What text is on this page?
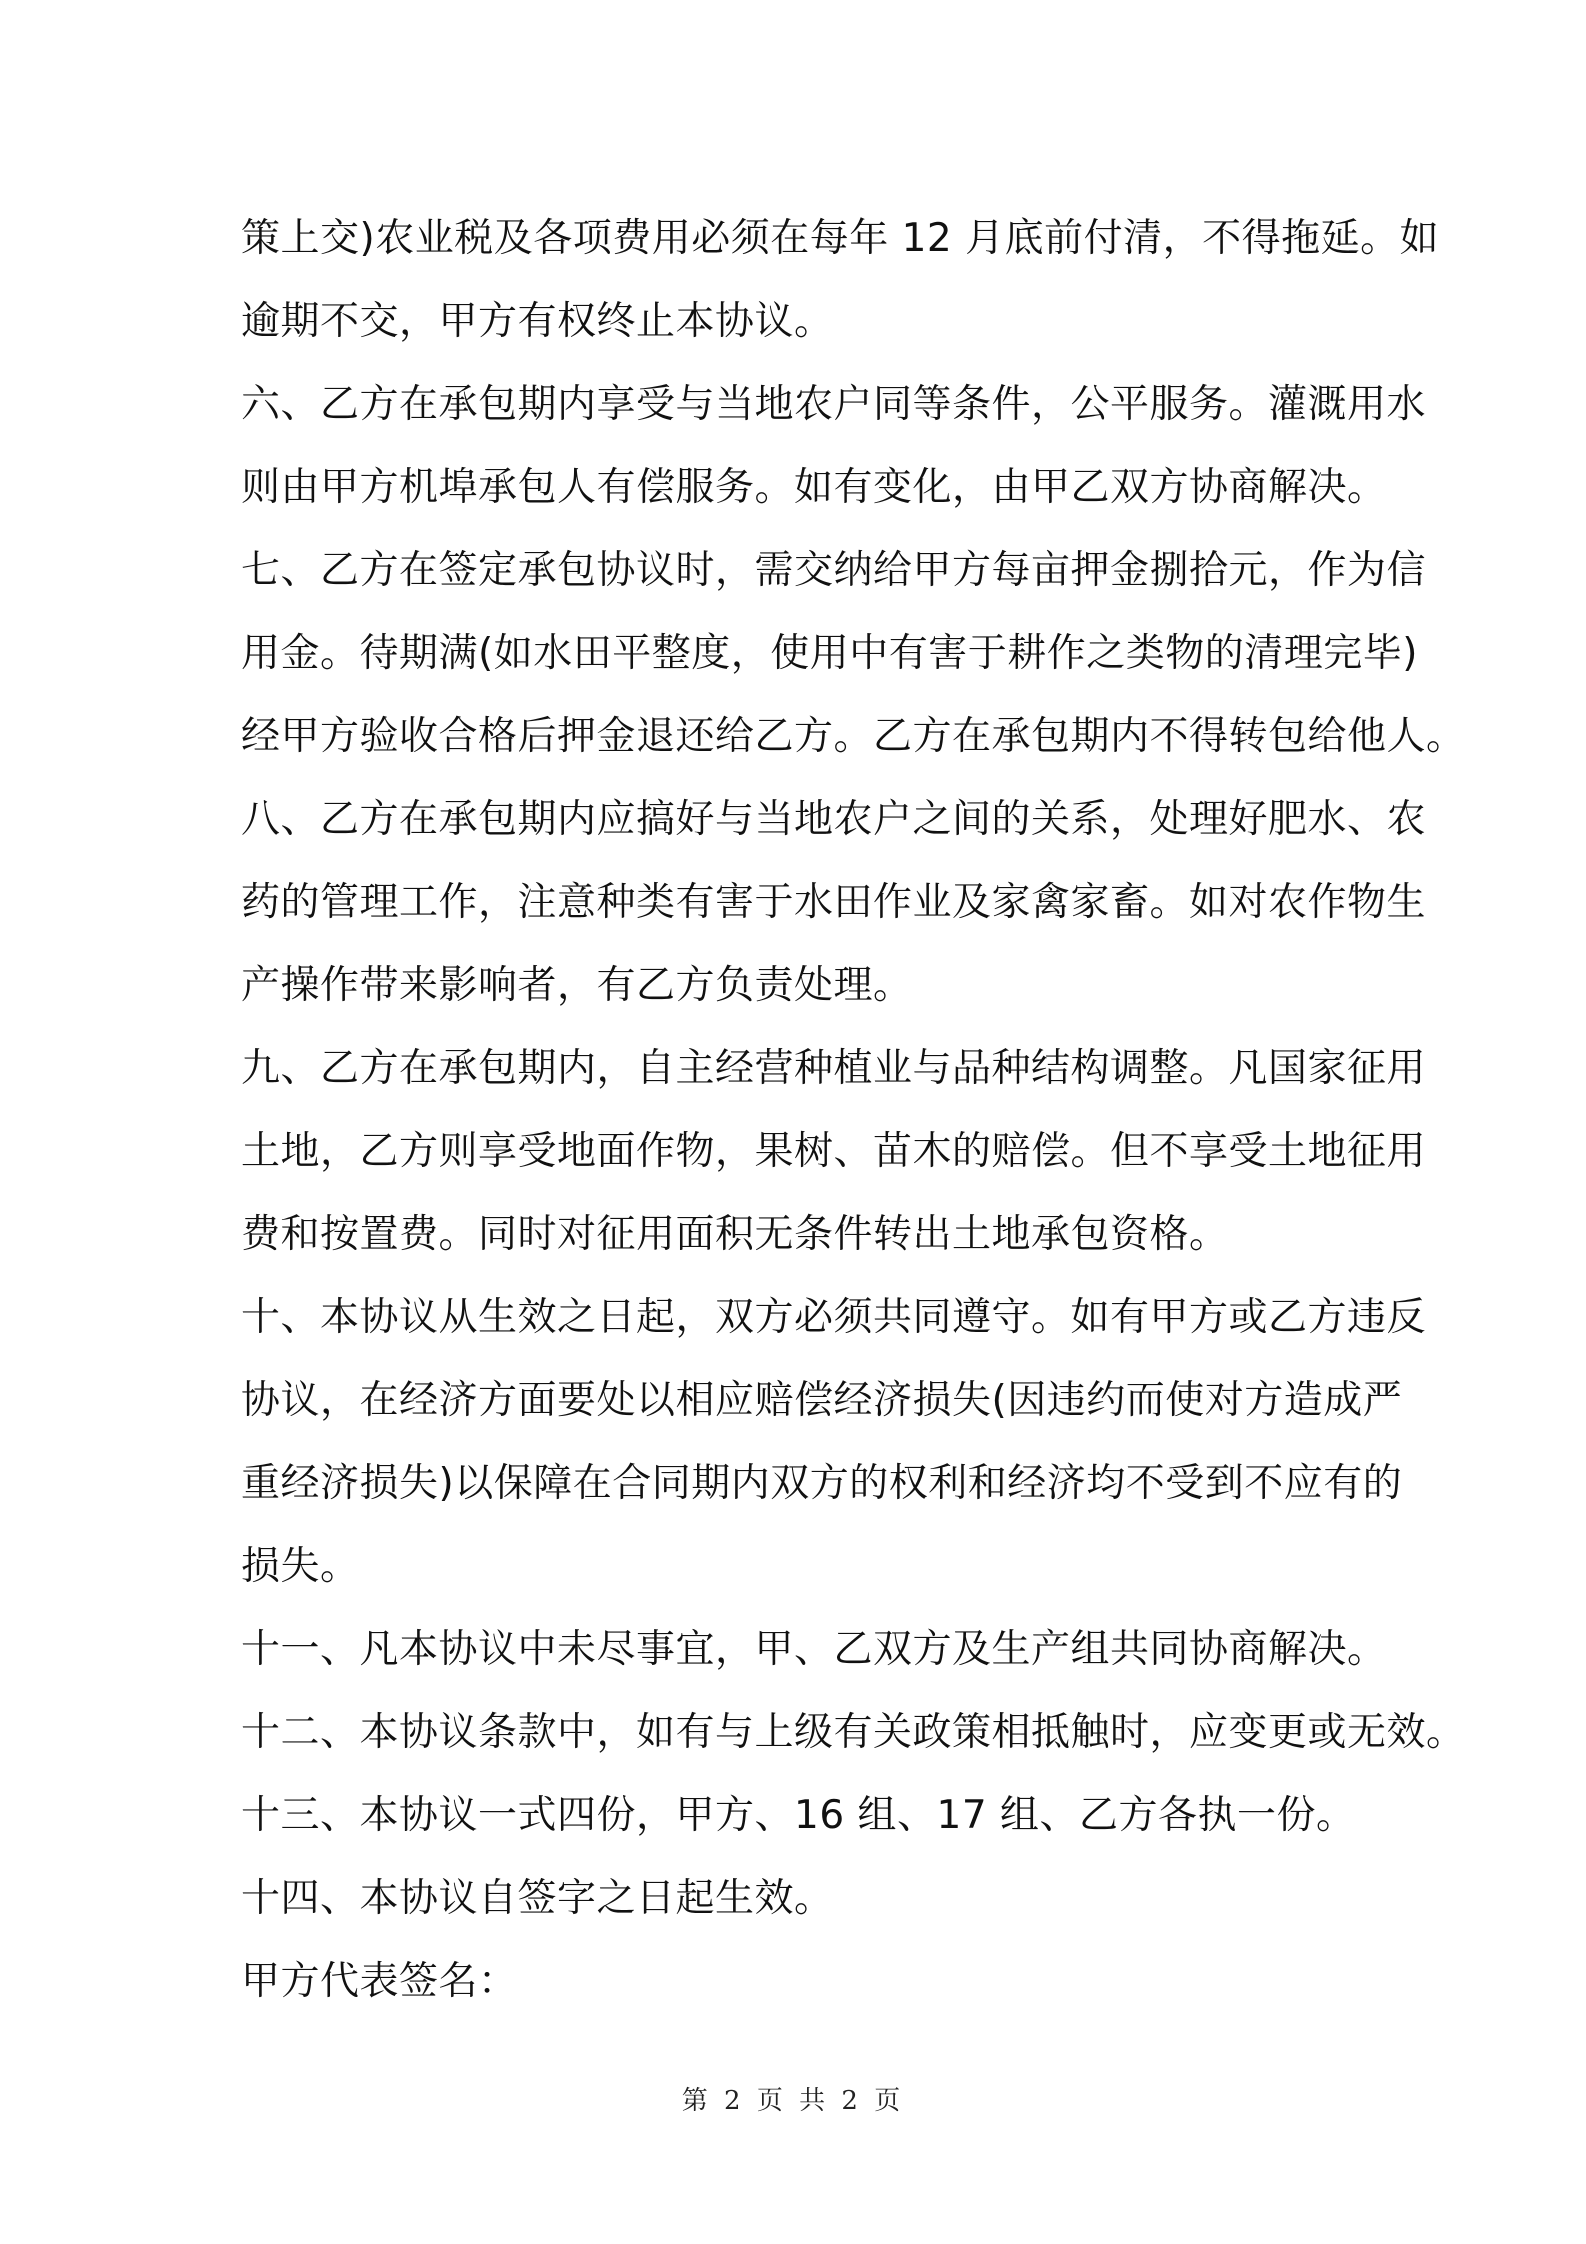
策上交)农业税及各项费用必须在每年 12 月底前付清，不得拖延。如
逾期不交，甲方有权终止本协议。
六、乙方在承包期内享受与当地农户同等条件，公平服务。灌溉用水
则由甲方机埠承包人有偿服务。如有变化，由甲乙双方协商解决。
七、乙方在签定承包协议时，需交纳给甲方每亩押金捌拾元，作为信
用金。待期满(如水田平整度，使用中有害于耕作之类物的清理完毕)
经甲方验收合格后押金退还给乙方。乙方在承包期内不得转包给他人。
八、乙方在承包期内应搞好与当地农户之间的关系，处理好肥水、农
药的管理工作，注意种类有害于水田作业及家禽家畜。如对农作物生
产操作带来影响者，有乙方负责处理。
九、乙方在承包期内，自主经营种植业与品种结构调整。凡国家征用
土地，乙方则享受地面作物，果树、苗木的赔偿。但不享受土地征用
费和按置费。同时对征用面积无条件转出土地承包资格。
十、本协议从生效之日起，双方必须共同遵守。如有甲方或乙方违反
协议，在经济方面要处以相应赔偿经济损失(因违约而使对方造成严
重经济损失)以保障在合同期内双方的权利和经济均不受到不应有的
损失。
十一、凡本协议中未尽事宜，甲、乙双方及生产组共同协商解决。
十二、本协议条款中，如有与上级有关政策相抵触时，应变更或无效。
十三、本协议一式四份，甲方、16 组、17 组、乙方各执一份。
十四、本协议自签字之日起生效。
甲方代表签名：
第 2 页 共 2 页
